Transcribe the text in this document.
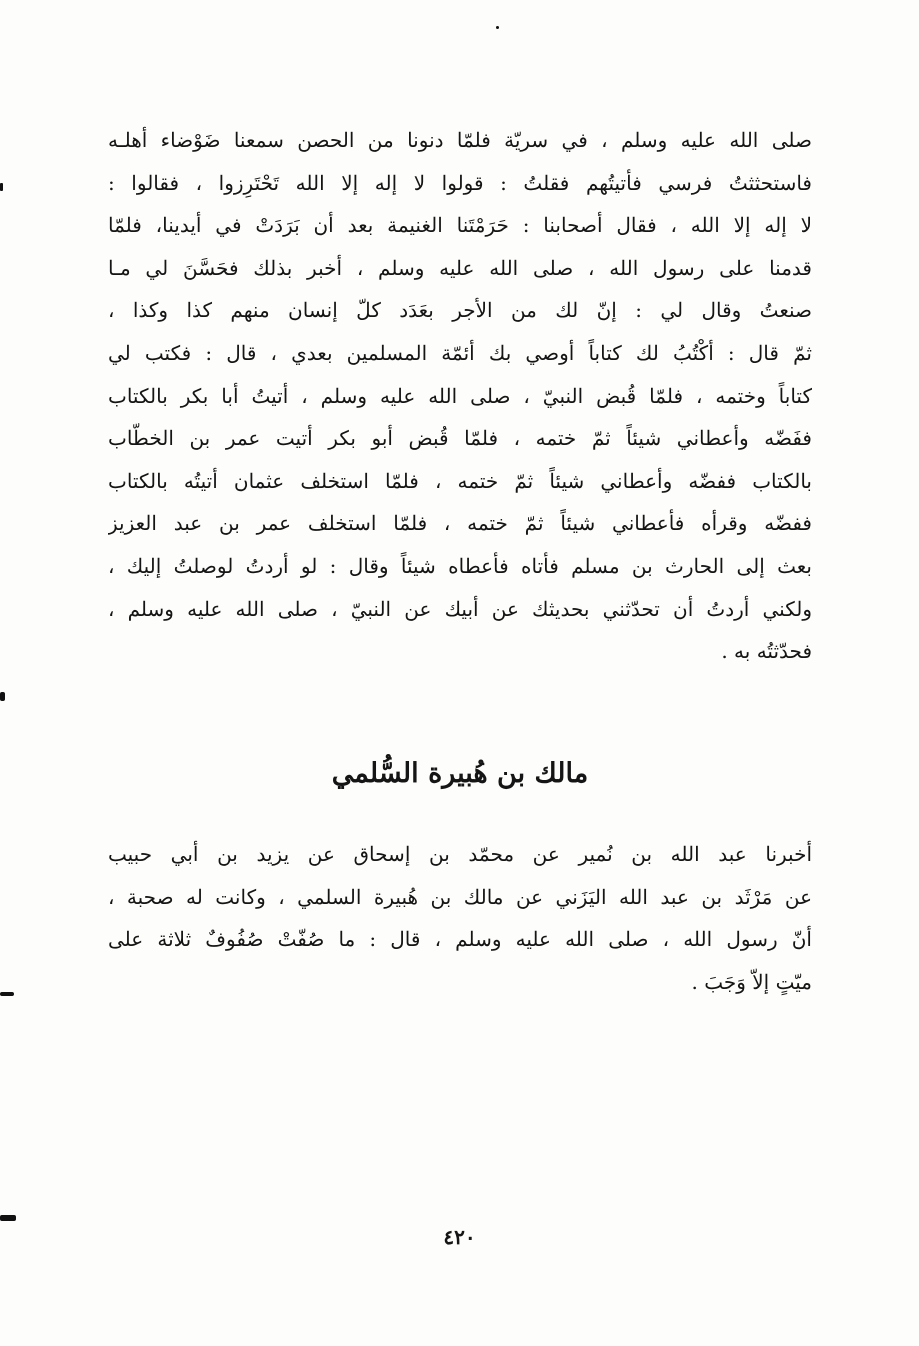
صلى الله عليه وسلم ، في سريّة فلمّا دنونا من الحصن سمعنا ضَوْضاء أهلـه
فاستحثثتُ فرسي فأتيتُهم فقلتُ : قولوا لا إله إلا الله تَحْتَرِزوا ، فقالوا :
لا إله إلا الله ، فقال أصحابنا : حَرَمْتَنا الغنيمة بعد أن بَرَدَتْ في أيدينا، فلمّا
قدمنا على رسول الله ، صلى الله عليه وسلم ، أخبر بذلك فحَسَّنَ لي مـا
صنعتُ وقال لي : إنّ لك من الأجر بعَدَد كلّ إنسان منهم كذا وكذا ،
ثمّ قال : أكْتُبُ لك كتاباً أوصي بك أئمّة المسلمين بعدي ، قال : فكتب لي
كتاباً وختمه ، فلمّا قُبض النبيّ ، صلى الله عليه وسلم ، أتيتُ أبا بكر بالكتاب
ففَضّه وأعطاني شيئاً ثمّ ختمه ، فلمّا قُبض أبو بكر أتيت عمر بن الخطّاب
بالكتاب ففضّه وأعطاني شيئاً ثمّ ختمه ، فلمّا استخلف عثمان أتيتُه بالكتاب
ففضّه وقرأه فأعطاني شيئاً ثمّ ختمه ، فلمّا استخلف عمر بن عبد العزيز
بعث إلى الحارث بن مسلم فأتاه فأعطاه شيئاً وقال : لو أردتُ لوصلتُ إليك ،
ولكني أردتُ أن تحدّثني بحديثك عن أبيك عن النبيّ ، صلى الله عليه وسلم ،
فحدّثتُه به .
مالك بن هُبيرة السُّلمي
أخبرنا عبد الله بن نُمير عن محمّد بن إسحاق عن يزيد بن أبي حبيب
عن مَرْثَد بن عبد الله اليَزَني عن مالك بن هُبيرة السلمي ، وكانت له صحبة ،
أنّ رسول الله ، صلى الله عليه وسلم ، قال : ما صُفّتْ صُفُوفٌ ثلاثة على
ميّتٍ إلاّ وَجَبَ .
٤٢٠
